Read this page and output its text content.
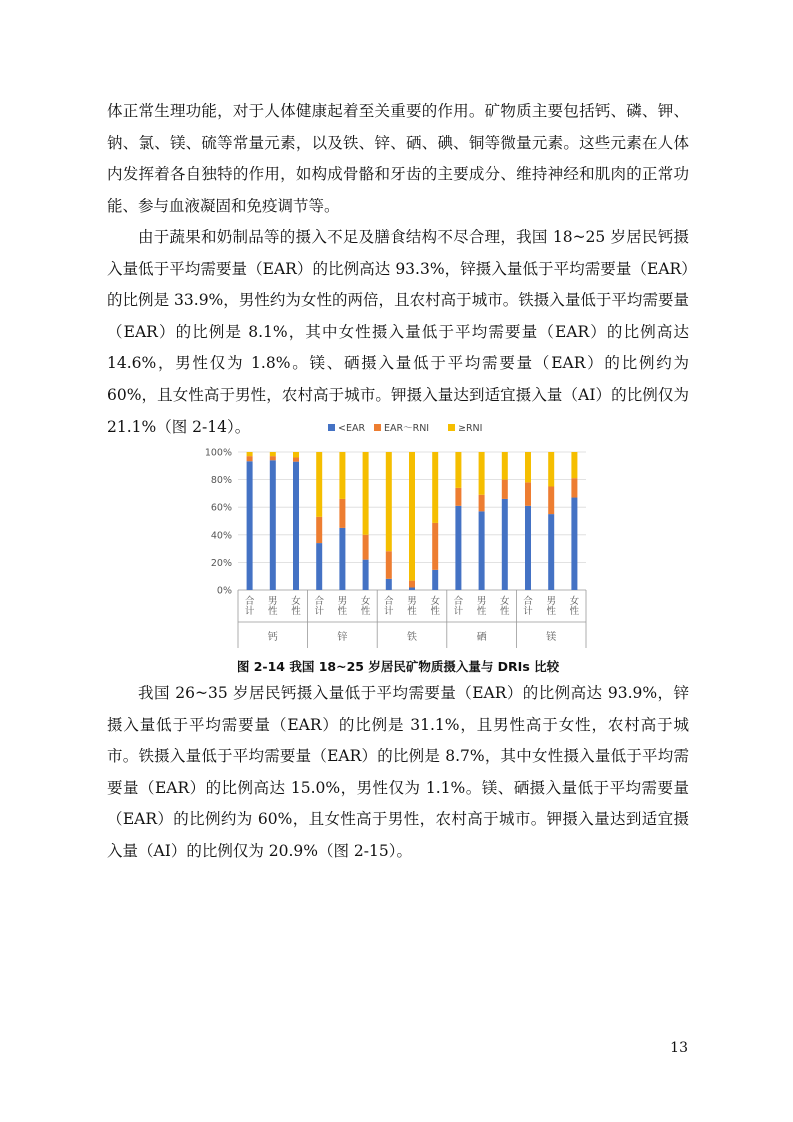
体正常生理功能，对于人体健康起着至关重要的作用。矿物质主要包括钙、磷、钾、钠、氯、镁、硫等常量元素，以及铁、锌、硒、碘、铜等微量元素。这些元素在人体内发挥着各自独特的作用，如构成骨骼和牙齿的主要成分、维持神经和肌肉的正常功能、参与血液凝固和免疫调节等。

由于蔬果和奶制品等的摄入不足及膳食结构不尽合理，我国 18~25 岁居民钙摄入量低于平均需要量（EAR）的比例高达 93.3%，锌摄入量低于平均需要量（EAR）的比例是 33.9%，男性约为女性的两倍，且农村高于城市。铁摄入量低于平均需要量（EAR）的比例是 8.1%，其中女性摄入量低于平均需要量（EAR）的比例高达 14.6%，男性仅为 1.8%。镁、硒摄入量低于平均需要量（EAR）的比例约为 60%，且女性高于男性，农村高于城市。钾摄入量达到适宜摄入量（AI）的比例仅为 21.1%（图 2-14）。	<EAR EAR～RNI	≥RNI
0%
20%
40%
60%
80%
100%
合
计
男
性
女
性
钙
合
计
男
性
女
性
锌
合
计
男
性
女
性
铁
合
计
男
性
女
性
硒
合
计
男
性
女
性
镁
图 2-14 我国 18~25 岁居民矿物质摄入量与 DRIs 比较

我国 26~35 岁居民钙摄入量低于平均需要量（EAR）的比例高达 93.9%，锌摄入量低于平均需要量（EAR）的比例是 31.1%，且男性高于女性，农村高于城市。铁摄入量低于平均需要量（EAR）的比例是 8.7%，其中女性摄入量低于平均需要量（EAR）的比例高达 15.0%，男性仅为 1.1%。镁、硒摄入量低于平均需要量（EAR）的比例约为 60%，且女性高于男性，农村高于城市。钾摄入量达到适宜摄入量（AI）的比例仅为 20.9%（图 2-15）。

13
